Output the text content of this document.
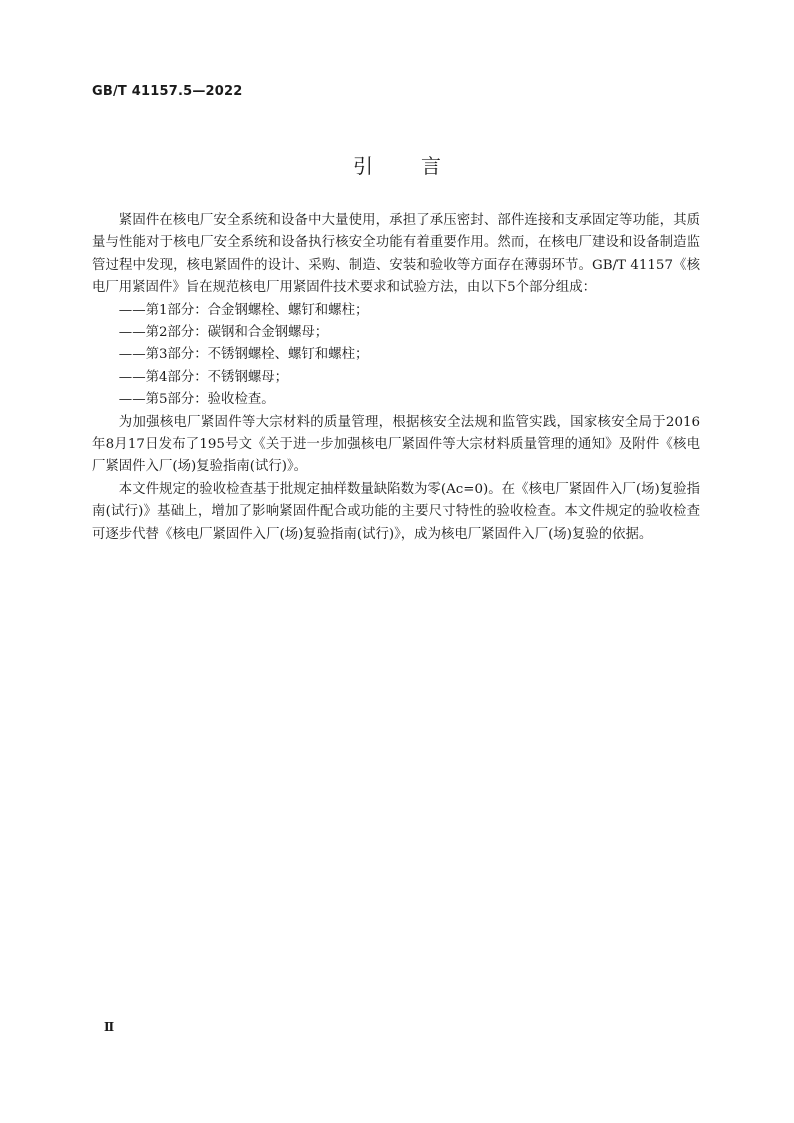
GB/T 41157.5—2022
引言

紧固件在核电厂安全系统和设备中大量使用，承担了承压密封、部件连接和支承固定等功能，其质量与性能对于核电厂安全系统和设备执行核安全功能有着重要作用。然而，在核电厂建设和设备制造监管过程中发现，核电紧固件的设计、采购、制造、安装和验收等方面存在薄弱环节。GB/T 41157《核电厂用紧固件》旨在规范核电厂用紧固件技术要求和试验方法，由以下5个部分组成：

——第1部分：合金钢螺栓、螺钉和螺柱；

——第2部分：碳钢和合金钢螺母；

——第3部分：不锈钢螺栓、螺钉和螺柱；

——第4部分：不锈钢螺母；

——第5部分：验收检查。

为加强核电厂紧固件等大宗材料的质量管理，根据核安全法规和监管实践，国家核安全局于2016年8月17日发布了195号文《关于进一步加强核电厂紧固件等大宗材料质量管理的通知》及附件《核电厂紧固件入厂(场)复验指南(试行)》。

本文件规定的验收检查基于批规定抽样数量缺陷数为零(Ac=0)。在《核电厂紧固件入厂(场)复验指南(试行)》基础上，增加了影响紧固件配合或功能的主要尺寸特性的验收检查。本文件规定的验收检查可逐步代替《核电厂紧固件入厂(场)复验指南(试行)》，成为核电厂紧固件入厂(场)复验的依据。

Ⅱ
